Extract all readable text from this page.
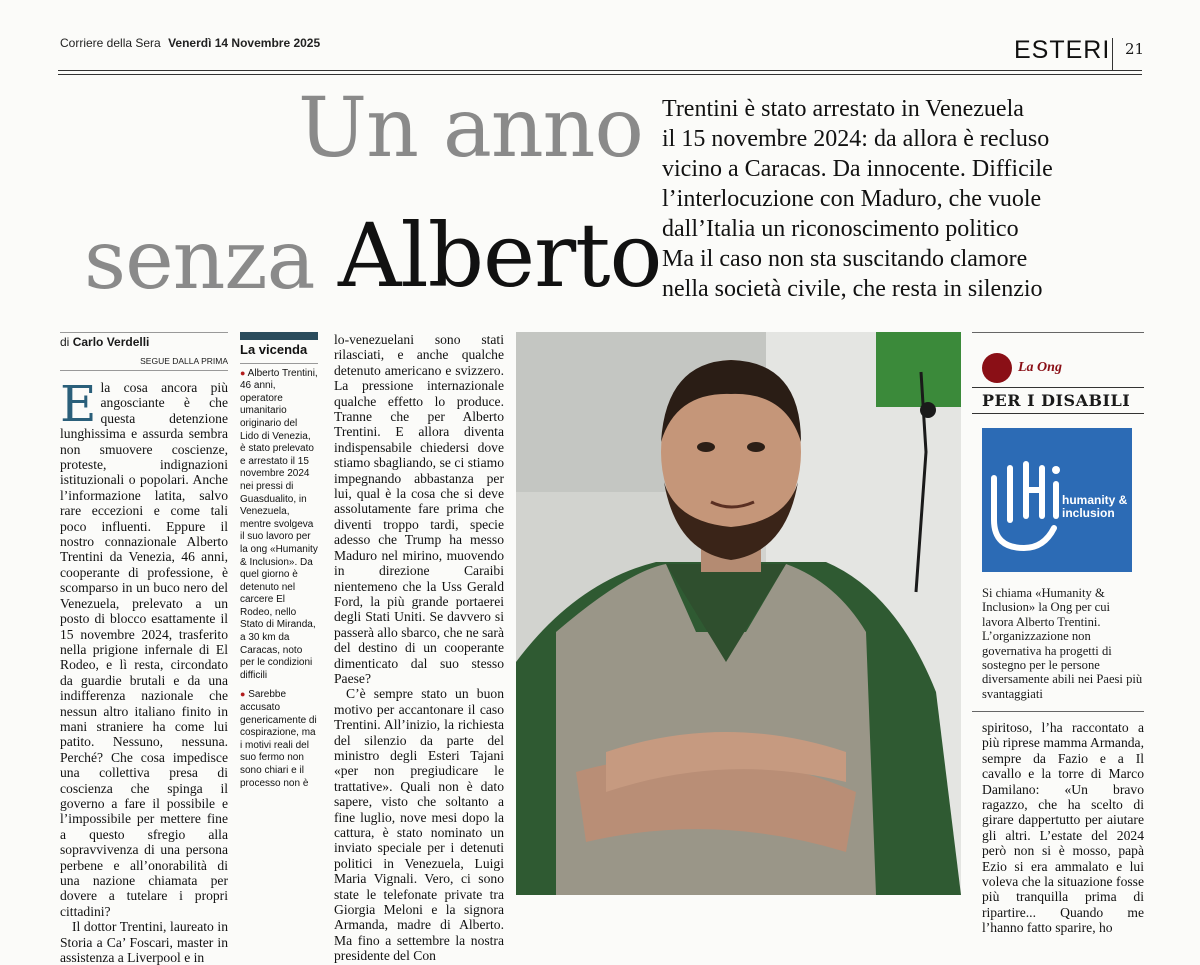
Corriere della Sera Venerdì 14 Novembre 2025	ESTERI 21
Un anno
senza Alberto
Trentini è stato arrestato in Venezuela
il 15 novembre 2024: da allora è recluso
vicino a Caracas. Da innocente. Difficile
l’interlocuzione con Maduro, che vuole
dall’Italia un riconoscimento politico
Ma il caso non sta suscitando clamore
nella società civile, che resta in silenzio
di Carlo Verdelli
SEGUE DALLA PRIMA

Ela cosa ancora più angosciante è che questa detenzione lunghissima e assurda sembra non smuovere coscienze, proteste, indignazioni istituzionali o popolari. Anche l’informazione latita, salvo rare eccezioni e come tali poco influenti. Eppure il nostro connazionale Alberto Trentini da Venezia, 46 anni, cooperante di professione, è scomparso in un buco nero del Venezuela, prelevato a un posto di blocco esattamente il 15 novembre 2024, trasferito nella prigione infernale di El Rodeo, e lì resta, circondato da guardie brutali e da una indifferenza nazionale che nessun altro italiano finito in mani straniere ha come lui patito. Nessuno, nessuna. Perché? Che cosa impedisce una collettiva presa di coscienza che spinga il governo a fare il possibile e l’impossibile per mettere fine a questo sfregio alla sopravvivenza di una persona perbene e all’onorabilità di una nazione chiamata per dovere a tutelare i propri cittadini?

Il dottor Trentini, laureato in Storia a Ca’ Foscari, master in assistenza a Liverpool e in

La vicenda

● Alberto Trentini, 46 anni, operatore umanitario originario del Lido di Venezia, è stato prelevato e arrestato il 15 novembre 2024 nei pressi di Guasdualito, in Venezuela, mentre svolgeva il suo lavoro per la ong «Humanity & Inclusion». Da quel giorno è detenuto nel carcere El Rodeo, nello Stato di Miranda, a 30 km da Caracas, noto per le condizioni difficili

● Sarebbe accusato genericamente di cospirazione, ma i motivi reali del suo fermo non sono chiari e il processo non è

lo-venezuelani sono stati rilasciati, e anche qualche detenuto americano e svizzero. La pressione internazionale qualche effetto lo produce. Tranne che per Alberto Trentini. E allora diventa indispensabile chiedersi dove stiamo sbagliando, se ci stiamo impegnando abbastanza per lui, qual è la cosa che si deve assolutamente fare prima che diventi troppo tardi, specie adesso che Trump ha messo Maduro nel mirino, muovendo in direzione Caraibi nientemeno che la Uss Gerald Ford, la più grande portaerei degli Stati Uniti. Se davvero si passerà allo sbarco, che ne sarà del destino di un cooperante dimenticato dal suo stesso Paese?

C’è sempre stato un buon motivo per accantonare il caso Trentini. All’inizio, la richiesta del silenzio da parte del ministro degli Esteri Tajani «per non pregiudicare le trattative». Quali non è dato sapere, visto che soltanto a fine luglio, nove mesi dopo la cattura, è stato nominato un inviato speciale per i detenuti politici in Venezuela, Luigi Maria Vignali. Vero, ci sono state le telefonate private tra Giorgia Meloni e la signora Armanda, madre di Alberto. Ma fino a settembre la nostra presidente del Con

La Ong
PER I DISABILI
humanity & inclusion
Si chiama «Humanity & Inclusion» la Ong per cui lavora Alberto Trentini. L’organizzazione non governativa ha progetti di sostegno per le persone diversamente abili nei Paesi più svantaggiati

spiritoso, l’ha raccontato a più riprese mamma Armanda, sempre da Fazio e a Il cavallo e la torre di Marco Damilano: «Un bravo ragazzo, che ha scelto di girare dappertutto per aiutare gli altri. L’estate del 2024 però non si è mosso, papà Ezio si era ammalato e lui voleva che la situazione fosse più tranquilla prima di ripartire... Quando me l’hanno fatto sparire, ho
